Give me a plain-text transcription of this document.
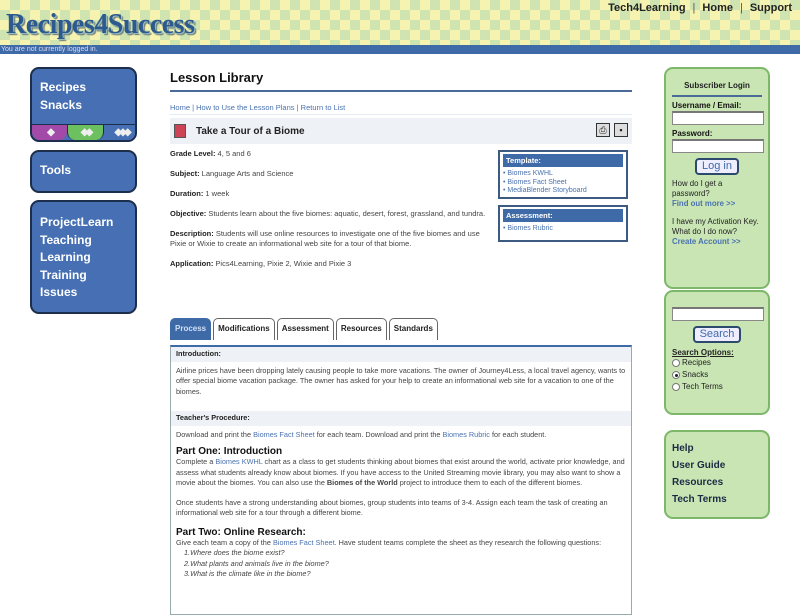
Recipes4Success
Tech4Learning | Home | Support
You are not currently logged in.
Recipes
Snacks
◆	◆◆	◆◆◆
Tools
ProjectLearn
Teaching
Learning
Training
Issues
Lesson Library
Home | How to Use the Lesson Plans | Return to List
Take a Tour of a Biome	⎙	▪
Grade Level: 4, 5 and 6
Subject: Language Arts and Science
Duration: 1 week
Objective: Students learn about the five biomes: aquatic, desert, forest, grassland, and tundra.
Description: Students will use online resources to investigate one of the five biomes and use Pixie or Wixie to create an informational web site for a tour of that biome.
Application: Pics4Learning, Pixie 2, Wixie and Pixie 3
Template:
• Biomes KWHL
• Biomes Fact Sheet
• MediaBlender Storyboard
Assessment:
• Biomes Rubric
Process	Modifications	Assessment	Resources	Standards
Introduction:

Airline prices have been dropping lately causing people to take more vacations. The owner of Journey4Less, a local travel agency, wants to offer special biome vacation package. The owner has asked for your help to create an informational web site for a vacation to one of the biomes.

Teacher's Procedure:

Download and print the Biomes Fact Sheet for each team. Download and print the Biomes Rubric for each student.

Part One: Introduction

Complete a Biomes KWHL chart as a class to get students thinking about biomes that exist around the world, activate prior knowledge, and assess what students already know about biomes. If you have access to the United Streaming movie library, you may also want to show a movie about the biomes. You can also use the Biomes of the World project to introduce them to each of the different biomes.

Once students have a strong understanding about biomes, group students into teams of 3-4. Assign each team the task of creating an informational web site for a tour through a different biome.

Part Two: Online Research:

Give each team a copy of the Biomes Fact Sheet. Have student teams complete the sheet as they research the following questions:

1.Where does the biome exist?
2.What plants and animals live in the biome?
3.What is the climate like in the biome?
Subscriber Login
Username / Email:
Password:
Log in
How do I get a password?
Find out more >>
I have my Activation Key. What do I do now?
Create Account >>
Search
Search Options:
Recipes
Snacks
Tech Terms
Help
User Guide
Resources
Tech Terms
